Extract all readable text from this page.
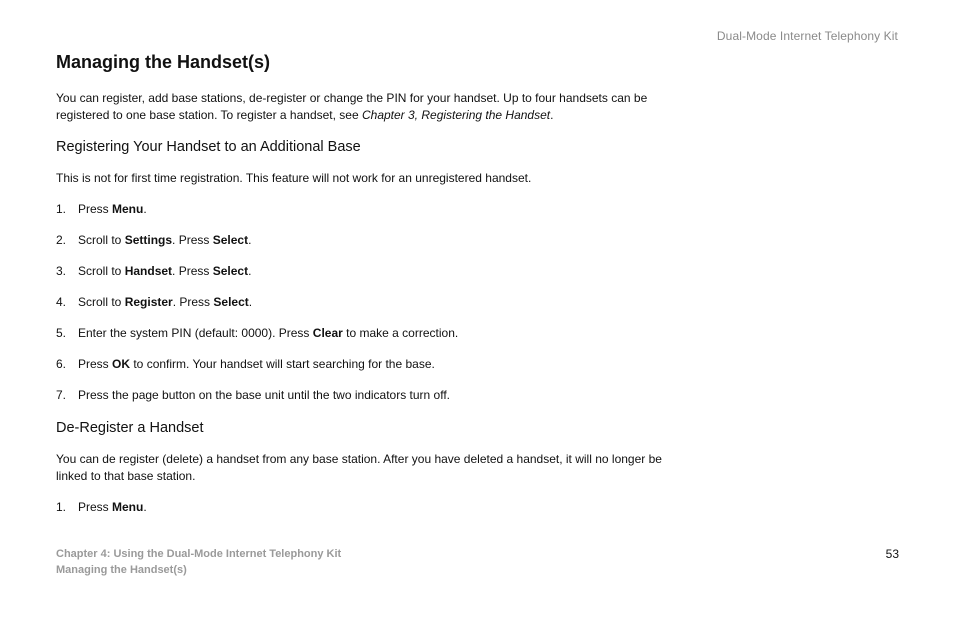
Dual-Mode Internet Telephony Kit
Managing the Handset(s)

You can register, add base stations, de-register or change the PIN for your handset. Up to four handsets can be registered to one base station. To register a handset, see Chapter 3, Registering the Handset.

Registering Your Handset to an Additional Base

This is not for first time registration. This feature will not work for an unregistered handset.

1. Press Menu.
2. Scroll to Settings. Press Select.
3. Scroll to Handset. Press Select.
4. Scroll to Register. Press Select.
5. Enter the system PIN (default: 0000). Press Clear to make a correction.
6. Press OK to confirm. Your handset will start searching for the base.
7. Press the page button on the base unit until the two indicators turn off.
De-Register a Handset

You can de register (delete) a handset from any base station. After you have deleted a handset, it will no longer be linked to that base station.

1. Press Menu.
Chapter 4: Using the Dual-Mode Internet Telephony Kit
Managing the Handset(s)
53
